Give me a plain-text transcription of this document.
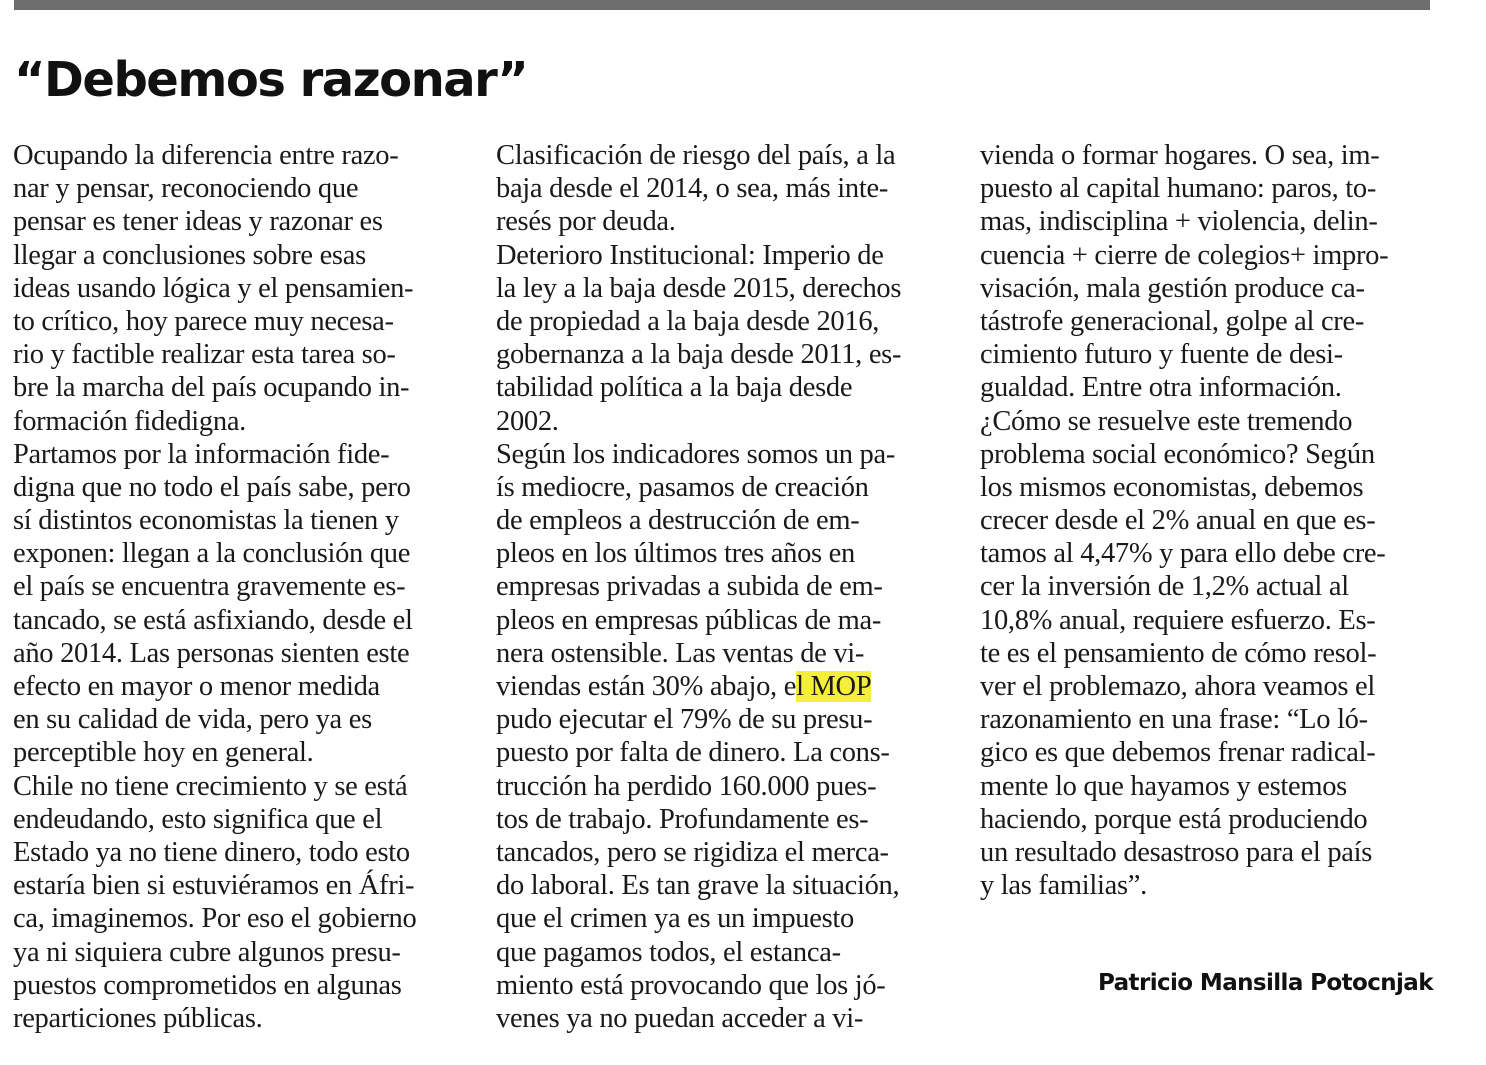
“Debemos razonar”
Ocupando la diferencia entre razo-
nar y pensar, reconociendo que
pensar es tener ideas y razonar es
llegar a conclusiones sobre esas
ideas usando lógica y el pensamien-
to crítico, hoy parece muy necesa-
rio y factible realizar esta tarea so-
bre la marcha del país ocupando in-
formación fidedigna.
Partamos por la información fide-
digna que no todo el país sabe, pero
sí distintos economistas la tienen y
exponen: llegan a la conclusión que
el país se encuentra gravemente es-
tancado, se está asfixiando, desde el
año 2014. Las personas sienten este
efecto en mayor o menor medida
en su calidad de vida, pero ya es
perceptible hoy en general.
Chile no tiene crecimiento y se está
endeudando, esto significa que el
Estado ya no tiene dinero, todo esto
estaría bien si estuviéramos en Áfri-
ca, imaginemos. Por eso el gobierno
ya ni siquiera cubre algunos presu-
puestos comprometidos en algunas
reparticiones públicas.
Clasificación de riesgo del país, a la
baja desde el 2014, o sea, más inte-
resés por deuda.
Deterioro Institucional: Imperio de
la ley a la baja desde 2015, derechos
de propiedad a la baja desde 2016,
gobernanza a la baja desde 2011, es-
tabilidad política a la baja desde
2002.
Según los indicadores somos un pa-
ís mediocre, pasamos de creación
de empleos a destrucción de em-
pleos en los últimos tres años en
empresas privadas a subida de em-
pleos en empresas públicas de ma-
nera ostensible. Las ventas de vi-
viendas están 30% abajo, el MOP
pudo ejecutar el 79% de su presu-
puesto por falta de dinero. La cons-
trucción ha perdido 160.000 pues-
tos de trabajo. Profundamente es-
tancados, pero se rigidiza el merca-
do laboral. Es tan grave la situación,
que el crimen ya es un impuesto
que pagamos todos, el estanca-
miento está provocando que los jó-
venes ya no puedan acceder a vi-
vienda o formar hogares. O sea, im-
puesto al capital humano: paros, to-
mas, indisciplina + violencia, delin-
cuencia + cierre de colegios+ impro-
visación, mala gestión produce ca-
tástrofe generacional, golpe al cre-
cimiento futuro y fuente de desi-
gualdad. Entre otra información.
¿Cómo se resuelve este tremendo
problema social económico? Según
los mismos economistas, debemos
crecer desde el 2% anual en que es-
tamos al 4,47% y para ello debe cre-
cer la inversión de 1,2% actual al
10,8% anual, requiere esfuerzo. Es-
te es el pensamiento de cómo resol-
ver el problemazo, ahora veamos el
razonamiento en una frase: “Lo ló-
gico es que debemos frenar radical-
mente lo que hayamos y estemos
haciendo, porque está produciendo
un resultado desastroso para el país
y las familias”.
Patricio Mansilla Potocnjak
